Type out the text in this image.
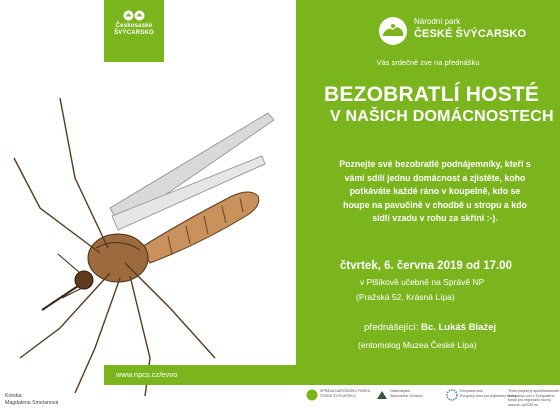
Českosaské
ŠVÝCARSKO
Kresba:
Magdalena Smetanová
www.npcs.cz/evvo
Národní park
ČESKÉ ŠVÝCARSKO
Vás srdečně zve na přednášku
BEZOBRATLÍ HOSTÉ
V NAŠICH DOMÁCNOSTECH
Poznejte své bezobratlé podnájemníky, kteří s
vámi sdílí jednu domácnost a zjistěte, koho
potkáváte každé ráno v koupelně, kdo se
houpe na pavučině v chodbě u stropu a kdo
sídlí vzadu v rohu za skříní :-).
čtvrtek, 6. června 2019 od 17.00
v Plšíkově učebně na Správě NP
(Pražská 52, Krásná Lípa)
přednášející: Bc. Lukáš Blažej
(entomolog Muzea České Lípa)
SPRÁVA NÁRODNÍHO PARKU
ČESKÉ ŠVÝCARSKO
Nationalpark
Sächsische Schweiz
Evropská unie
Evropský fond pro regionální rozvoj
Tento projekt je spolufinancován
Evropskou unií z Evropského
fondu pro regionální rozvoj
www.sn-cz2020.eu
